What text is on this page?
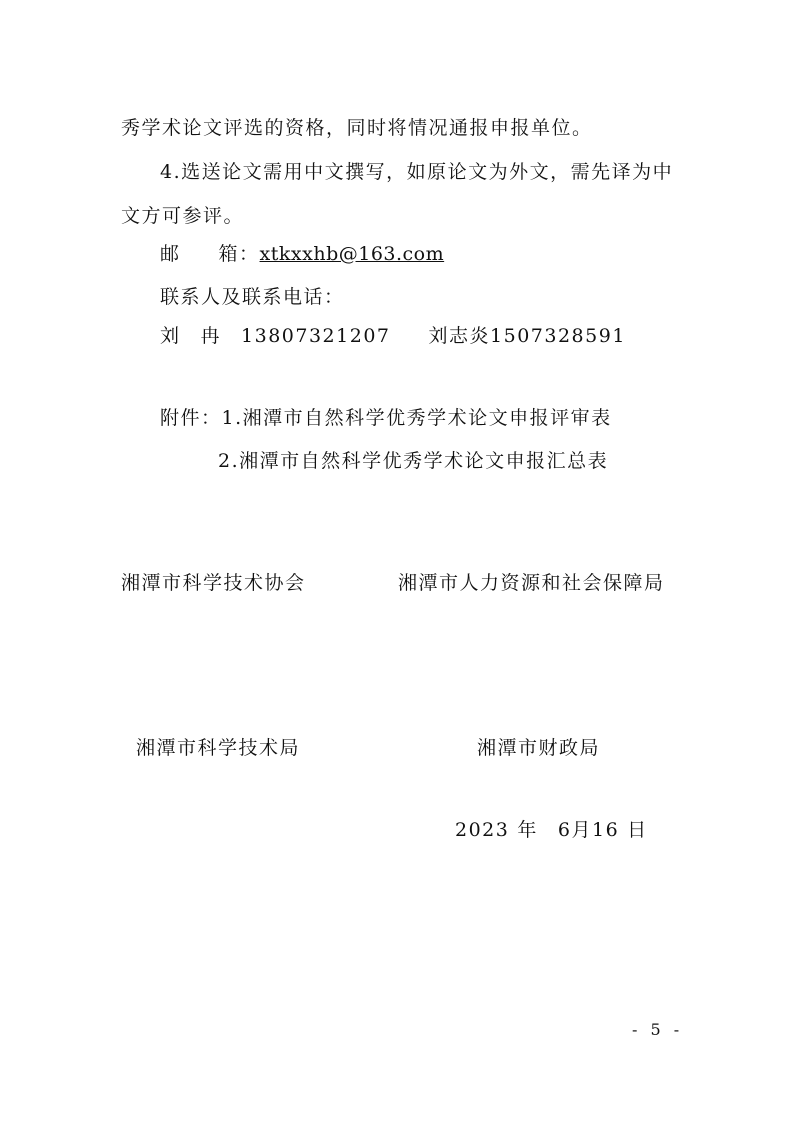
秀学术论文评选的资格，同时将情况通报申报单位。
4.选送论文需用中文撰写，如原论文为外文，需先译为中
文方可参评。
邮 箱：xtkxxhb@163.com
联系人及联系电话：
刘 冉 13807321207 刘志炎1507328591
附件：1.湘潭市自然科学优秀学术论文申报评审表
2.湘潭市自然科学优秀学术论文申报汇总表
湘潭市科学技术协会	湘潭市人力资源和社会保障局
湘潭市科学技术局	湘潭市财政局
2023 年 6月16 日
- 5 -
